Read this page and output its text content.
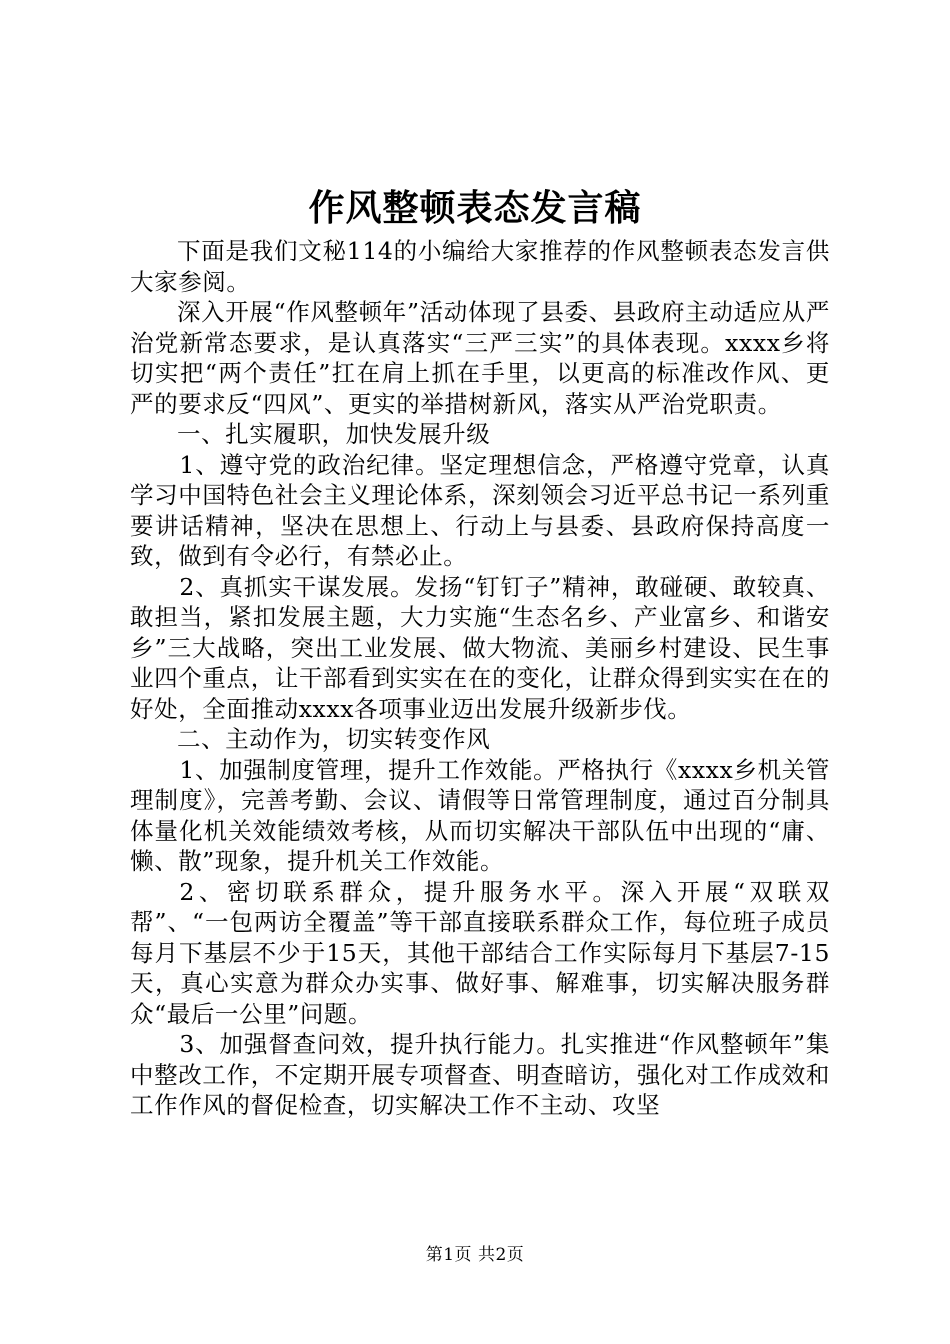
作风整顿表态发言稿

下面是我们文秘114的小编给大家推荐的作风整顿表态发言供大家参阅。

深入开展“作风整顿年”活动体现了县委、县政府主动适应从严治党新常态要求，是认真落实“三严三实”的具体表现。xxxx乡将切实把“两个责任”扛在肩上抓在手里，以更高的标准改作风、更严的要求反“四风”、更实的举措树新风，落实从严治党职责。

一、扎实履职，加快发展升级

1、遵守党的政治纪律。坚定理想信念，严格遵守党章，认真学习中国特色社会主义理论体系，深刻领会习近平总书记一系列重要讲话精神，坚决在思想上、行动上与县委、县政府保持高度一致，做到有令必行，有禁必止。

2、真抓实干谋发展。发扬“钉钉子”精神，敢碰硬、敢较真、敢担当，紧扣发展主题，大力实施“生态名乡、产业富乡、和谐安乡”三大战略，突出工业发展、做大物流、美丽乡村建设、民生事业四个重点，让干部看到实实在在的变化，让群众得到实实在在的好处，全面推动xxxx各项事业迈出发展升级新步伐。

二、主动作为，切实转变作风

1、加强制度管理，提升工作效能。严格执行《xxxx乡机关管理制度》，完善考勤、会议、请假等日常管理制度，通过百分制具体量化机关效能绩效考核，从而切实解决干部队伍中出现的“庸、懒、散”现象，提升机关工作效能。

2、密切联系群众，提升服务水平。深入开展“双联双帮”、“一包两访全覆盖”等干部直接联系群众工作，每位班子成员每月下基层不少于15天，其他干部结合工作实际每月下基层7-15天，真心实意为群众办实事、做好事、解难事，切实解决服务群众“最后一公里”问题。

3、加强督查问效，提升执行能力。扎实推进“作风整顿年”集中整改工作，不定期开展专项督查、明查暗访，强化对工作成效和工作作风的督促检查，切实解决工作不主动、攻坚

第1页 共2页
